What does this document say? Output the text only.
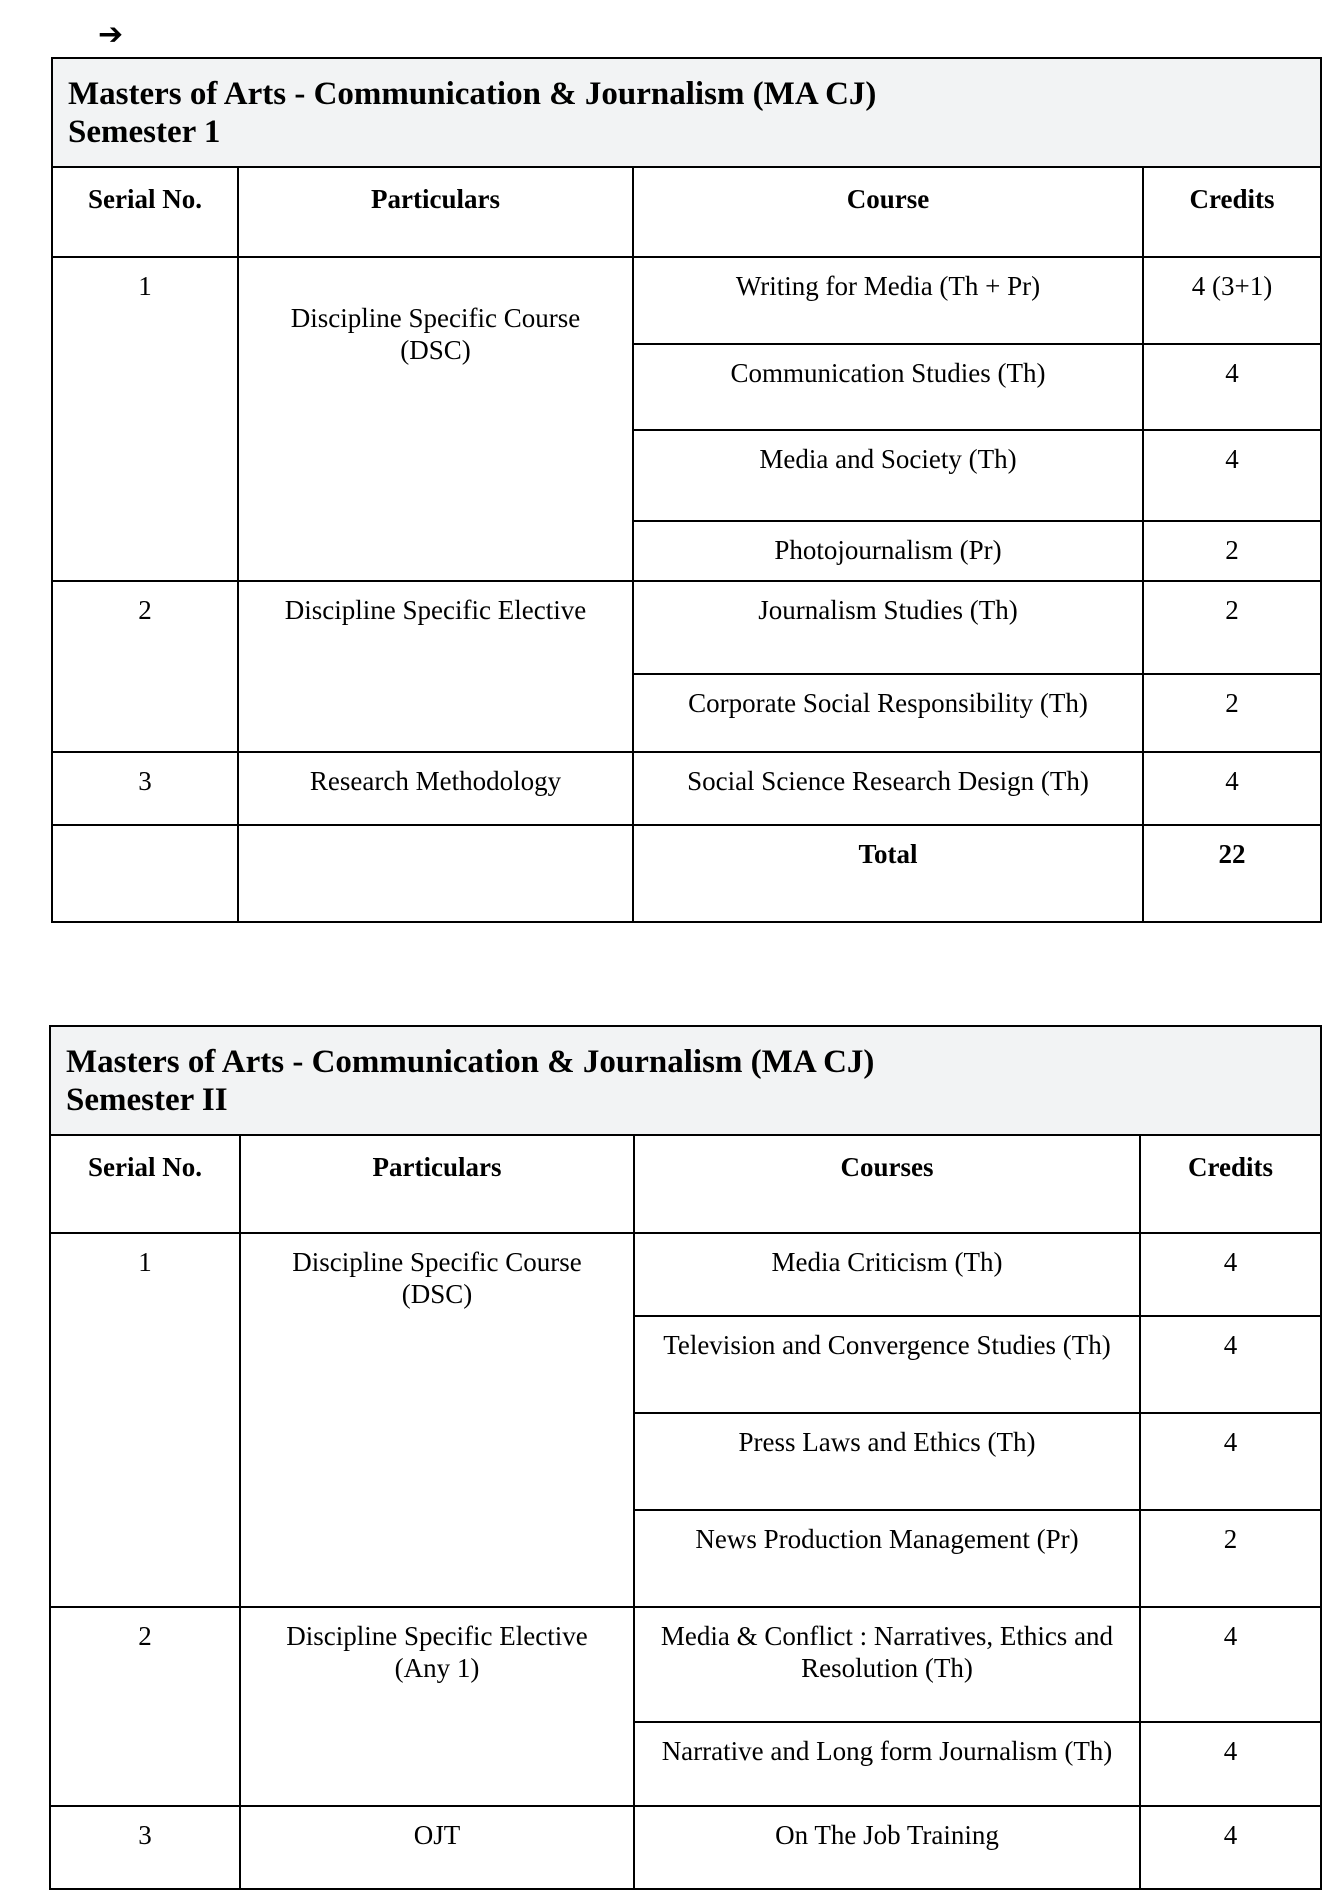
➔
Masters of Arts - Communication & Journalism (MA CJ)
Semester 1			

Serial No.	Particulars	Course	Credits
1	Discipline Specific Course (DSC)	Writing for Media (Th + Pr)	4 (3+1)
		Communication Studies (Th)	4
		Media and Society (Th)	4
		Photojournalism (Pr)	2
2	Discipline Specific Elective	Journalism Studies (Th)	2
		Corporate Social Responsibility (Th)	2
3	Research Methodology	Social Science Research Design (Th)	4
		Total	22
Masters of Arts - Communication & Journalism (MA CJ)
Semester II			

Serial No.	Particulars	Courses	Credits
1	Discipline Specific Course (DSC)	Media Criticism (Th)	4
		Television and Convergence Studies (Th)	4
		Press Laws and Ethics (Th)	4
		News Production Management (Pr)	2
2	Discipline Specific Elective (Any 1)	Media & Conflict : Narratives, Ethics and Resolution (Th)	4
		Narrative and Long form Journalism (Th)	4
3	OJT	On The Job Training	4
